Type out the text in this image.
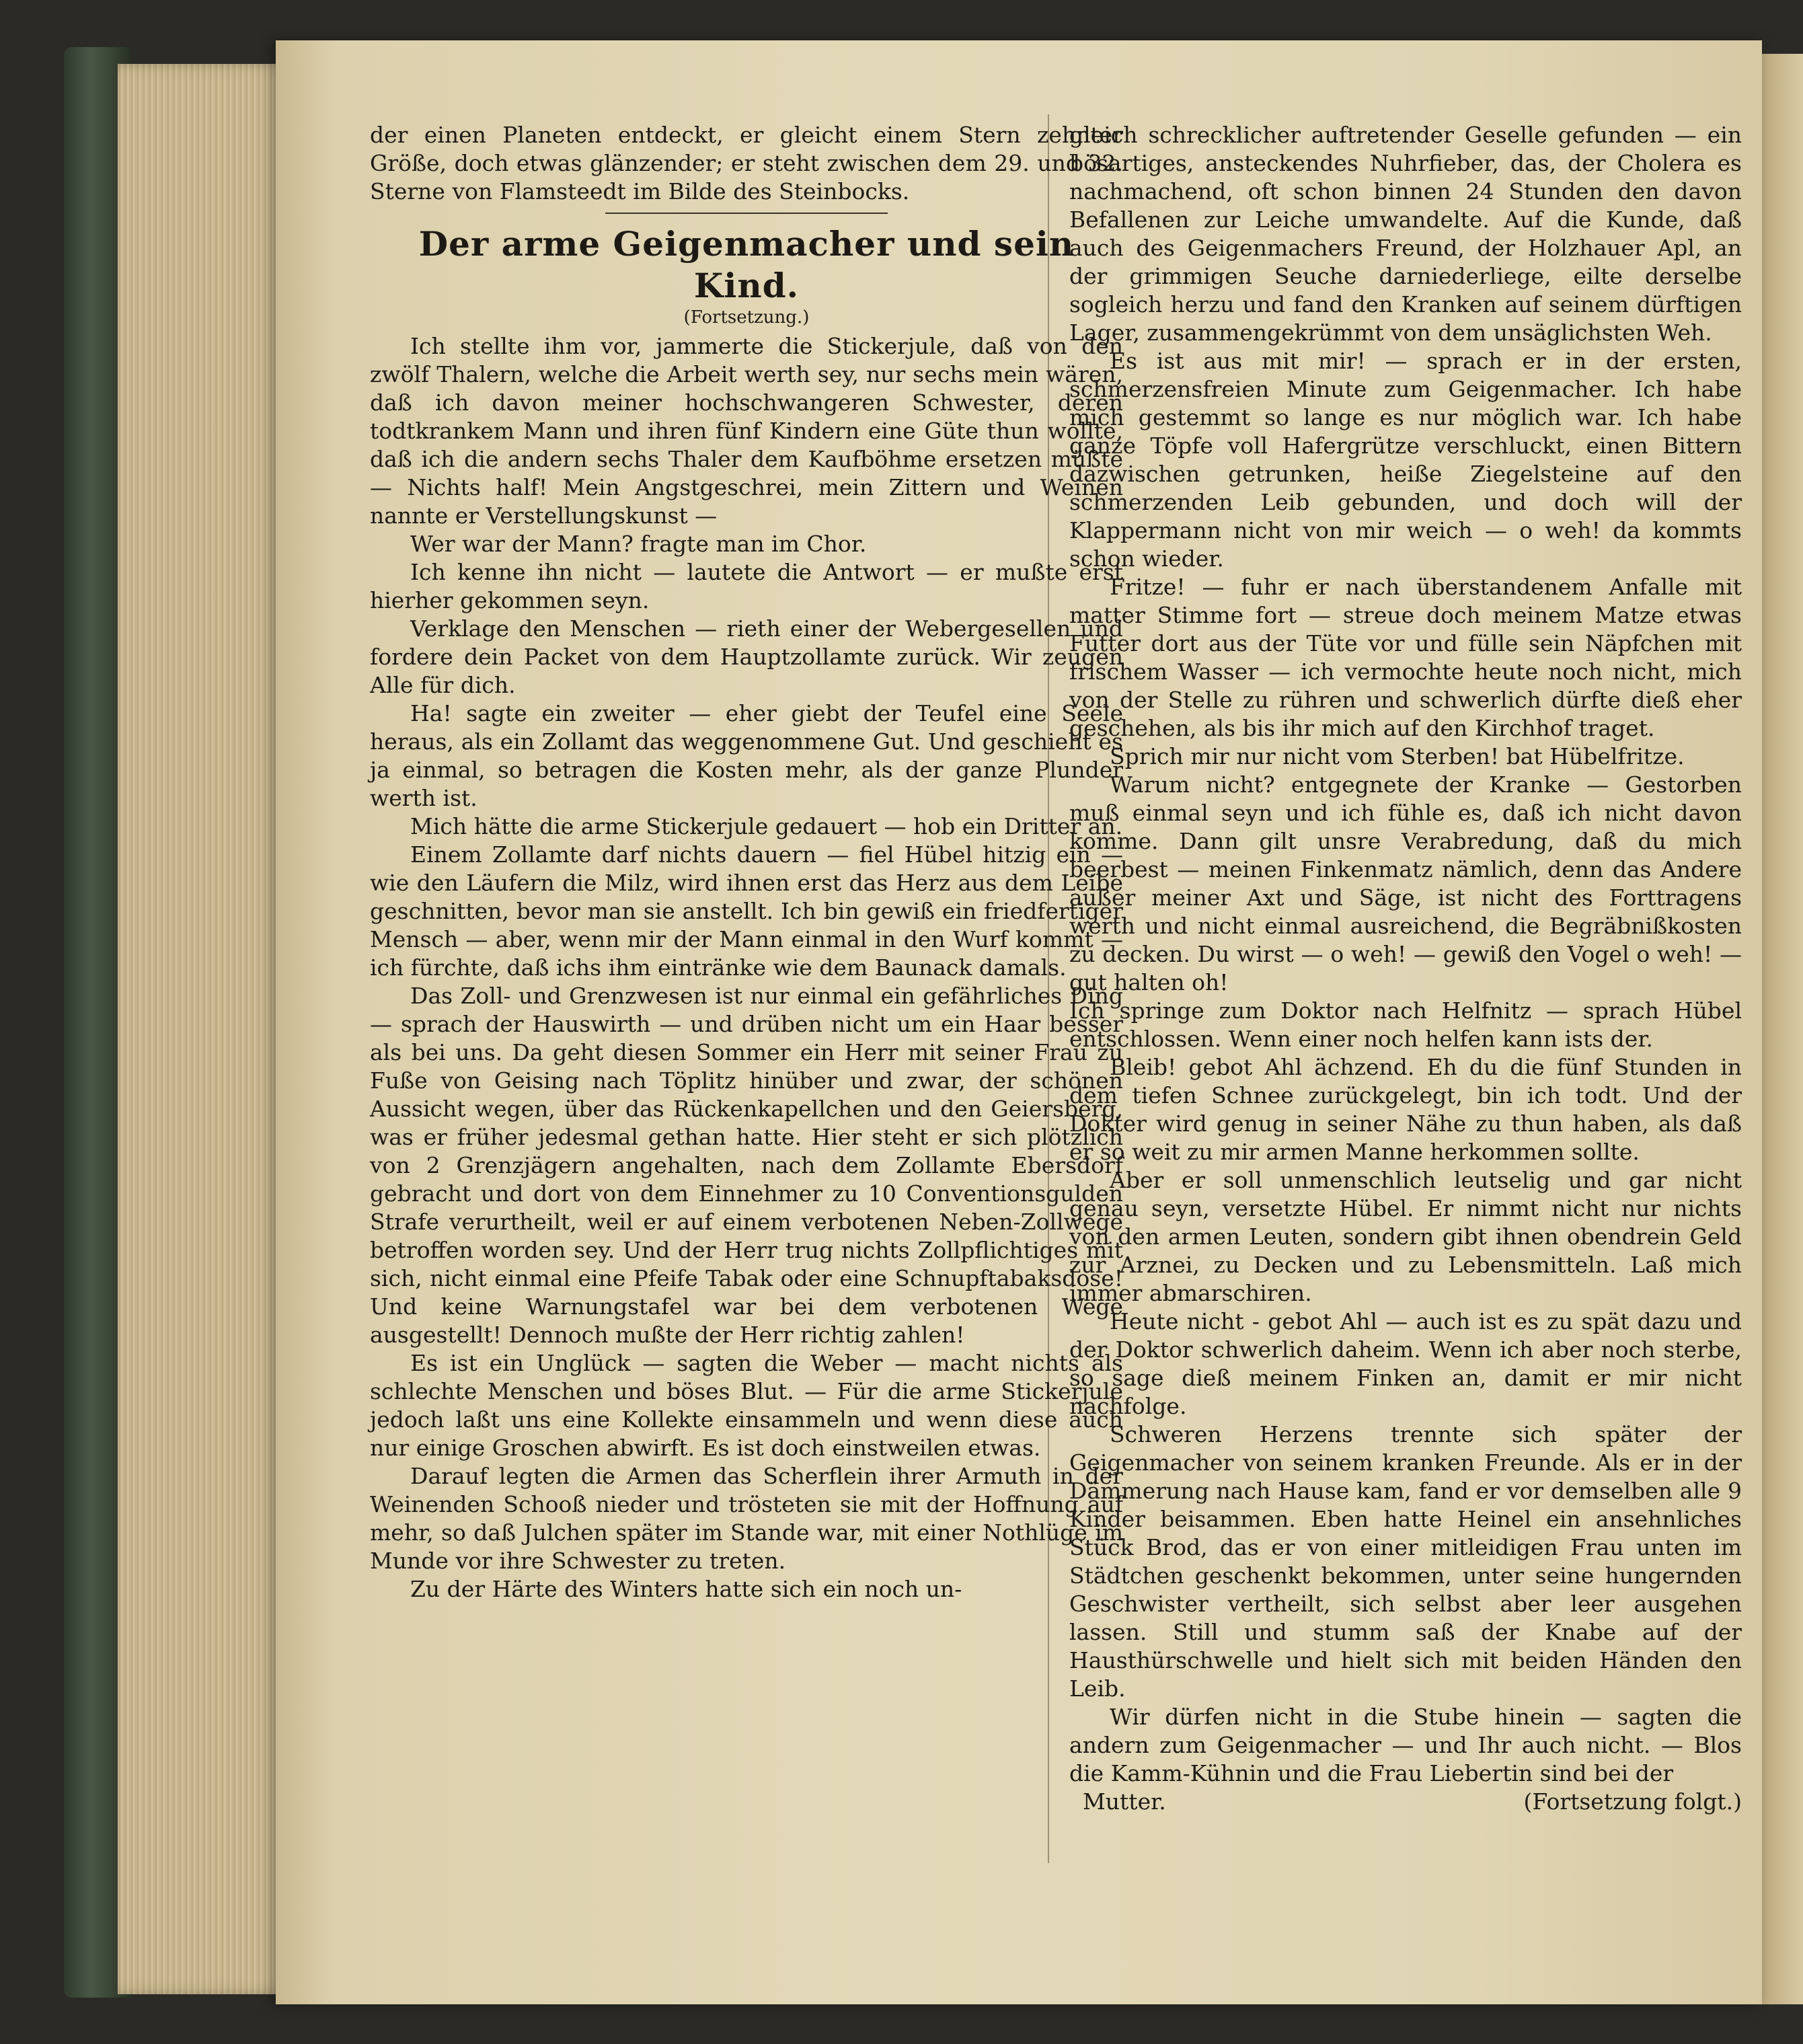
der einen Planeten entdeckt, er gleicht einem Stern zehnter Größe, doch etwas glänzender; er steht zwischen dem 29. und 32. Sterne von Flamsteedt im Bilde des Steinbocks.

Der arme Geigenmacher und sein Kind.
(Fortsetzung.)

Ich stellte ihm vor, jammerte die Stickerjule, daß von den zwölf Thalern, welche die Arbeit werth sey, nur sechs mein wären, daß ich davon meiner hochschwangeren Schwester, deren todtkrankem Mann und ihren fünf Kindern eine Güte thun wollte, daß ich die andern sechs Thaler dem Kaufböhme ersetzen müßte — Nichts half! Mein Angstgeschrei, mein Zittern und Weinen nannte er Verstellungskunst —

Wer war der Mann? fragte man im Chor.

Ich kenne ihn nicht — lautete die Antwort — er mußte erst hierher gekommen seyn.

Verklage den Menschen — rieth einer der Webergesellen und fordere dein Packet von dem Hauptzollamte zurück. Wir zeugen Alle für dich.

Ha! sagte ein zweiter — eher giebt der Teufel eine Seele heraus, als ein Zollamt das weggenommene Gut. Und geschieht es ja einmal, so betragen die Kosten mehr, als der ganze Plunder werth ist.

Mich hätte die arme Stickerjule gedauert — hob ein Dritter an.

Einem Zollamte darf nichts dauern — fiel Hübel hitzig ein — wie den Läufern die Milz, wird ihnen erst das Herz aus dem Leibe geschnitten, bevor man sie anstellt. Ich bin gewiß ein friedfertiger Mensch — aber, wenn mir der Mann einmal in den Wurf kommt — ich fürchte, daß ichs ihm eintränke wie dem Baunack damals.

Das Zoll- und Grenzwesen ist nur einmal ein gefährliches Ding — sprach der Hauswirth — und drüben nicht um ein Haar besser als bei uns. Da geht diesen Sommer ein Herr mit seiner Frau zu Fuße von Geising nach Töplitz hinüber und zwar, der schönen Aussicht wegen, über das Rückenkapellchen und den Geiersberg, was er früher jedesmal gethan hatte. Hier steht er sich plötzlich von 2 Grenzjägern angehalten, nach dem Zollamte Ebersdorf gebracht und dort von dem Einnehmer zu 10 Conventionsgulden Strafe verurtheilt, weil er auf einem verbotenen Neben-Zollwege betroffen worden sey. Und der Herr trug nichts Zollpflichtiges mit sich, nicht einmal eine Pfeife Tabak oder eine Schnupftabaksdose! Und keine Warnungstafel war bei dem verbotenen Wege ausgestellt! Dennoch mußte der Herr richtig zahlen!

Es ist ein Unglück — sagten die Weber — macht nichts als schlechte Menschen und böses Blut. — Für die arme Stickerjule jedoch laßt uns eine Kollekte einsammeln und wenn diese auch nur einige Groschen abwirft. Es ist doch einstweilen etwas.

Darauf legten die Armen das Scherflein ihrer Armuth in der Weinenden Schooß nieder und trösteten sie mit der Hoffnung auf mehr, so daß Julchen später im Stande war, mit einer Nothlüge im Munde vor ihre Schwester zu treten.

Zu der Härte des Winters hatte sich ein noch un-

gleich schrecklicher auftretender Geselle gefunden — ein bösartiges, ansteckendes Nuhrfieber, das, der Cholera es nachmachend, oft schon binnen 24 Stunden den davon Befallenen zur Leiche umwandelte. Auf die Kunde, daß auch des Geigenmachers Freund, der Holzhauer Apl, an der grimmigen Seuche darniederliege, eilte derselbe sogleich herzu und fand den Kranken auf seinem dürftigen Lager, zusammengekrümmt von dem unsäglichsten Weh.

Es ist aus mit mir! — sprach er in der ersten, schmerzensfreien Minute zum Geigenmacher. Ich habe mich gestemmt so lange es nur möglich war. Ich habe ganze Töpfe voll Hafergrütze verschluckt, einen Bittern dazwischen getrunken, heiße Ziegelsteine auf den schmerzenden Leib gebunden, und doch will der Klappermann nicht von mir weich — o weh! da kommts schon wieder.

Fritze! — fuhr er nach überstandenem Anfalle mit matter Stimme fort — streue doch meinem Matze etwas Futter dort aus der Tüte vor und fülle sein Näpfchen mit frischem Wasser — ich vermochte heute noch nicht, mich von der Stelle zu rühren und schwerlich dürfte dieß eher geschehen, als bis ihr mich auf den Kirchhof traget.

Sprich mir nur nicht vom Sterben! bat Hübelfritze.

Warum nicht? entgegnete der Kranke — Gestorben muß einmal seyn und ich fühle es, daß ich nicht davon komme. Dann gilt unsre Verabredung, daß du mich beerbest — meinen Finkenmatz nämlich, denn das Andere außer meiner Axt und Säge, ist nicht des Forttragens werth und nicht einmal ausreichend, die Begräbnißkosten zu decken. Du wirst — o weh! — gewiß den Vogel o weh! — gut halten oh!

Ich springe zum Doktor nach Helfnitz — sprach Hübel entschlossen. Wenn einer noch helfen kann ists der.

Bleib! gebot Ahl ächzend. Eh du die fünf Stunden in dem tiefen Schnee zurückgelegt, bin ich todt. Und der Dokter wird genug in seiner Nähe zu thun haben, als daß er so weit zu mir armen Manne herkommen sollte.

Aber er soll unmenschlich leutselig und gar nicht genau seyn, versetzte Hübel. Er nimmt nicht nur nichts von den armen Leuten, sondern gibt ihnen obendrein Geld zur Arznei, zu Decken und zu Lebensmitteln. Laß mich immer abmarschiren.

Heute nicht - gebot Ahl — auch ist es zu spät dazu und der Doktor schwerlich daheim. Wenn ich aber noch sterbe, so sage dieß meinem Finken an, damit er mir nicht nachfolge.

Schweren Herzens trennte sich später der Geigenmacher von seinem kranken Freunde. Als er in der Dämmerung nach Hause kam, fand er vor demselben alle 9 Kinder beisammen. Eben hatte Heinel ein ansehnliches Stück Brod, das er von einer mitleidigen Frau unten im Städtchen geschenkt bekommen, unter seine hungernden Geschwister vertheilt, sich selbst aber leer ausgehen lassen. Still und stumm saß der Knabe auf der Hausthürschwelle und hielt sich mit beiden Händen den Leib.

Wir dürfen nicht in die Stube hinein — sagten die andern zum Geigenmacher — und Ihr auch nicht. — Blos die Kamm-Kühnin und die Frau Liebertin sind bei der

Mutter.	(Fortsetzung folgt.)
